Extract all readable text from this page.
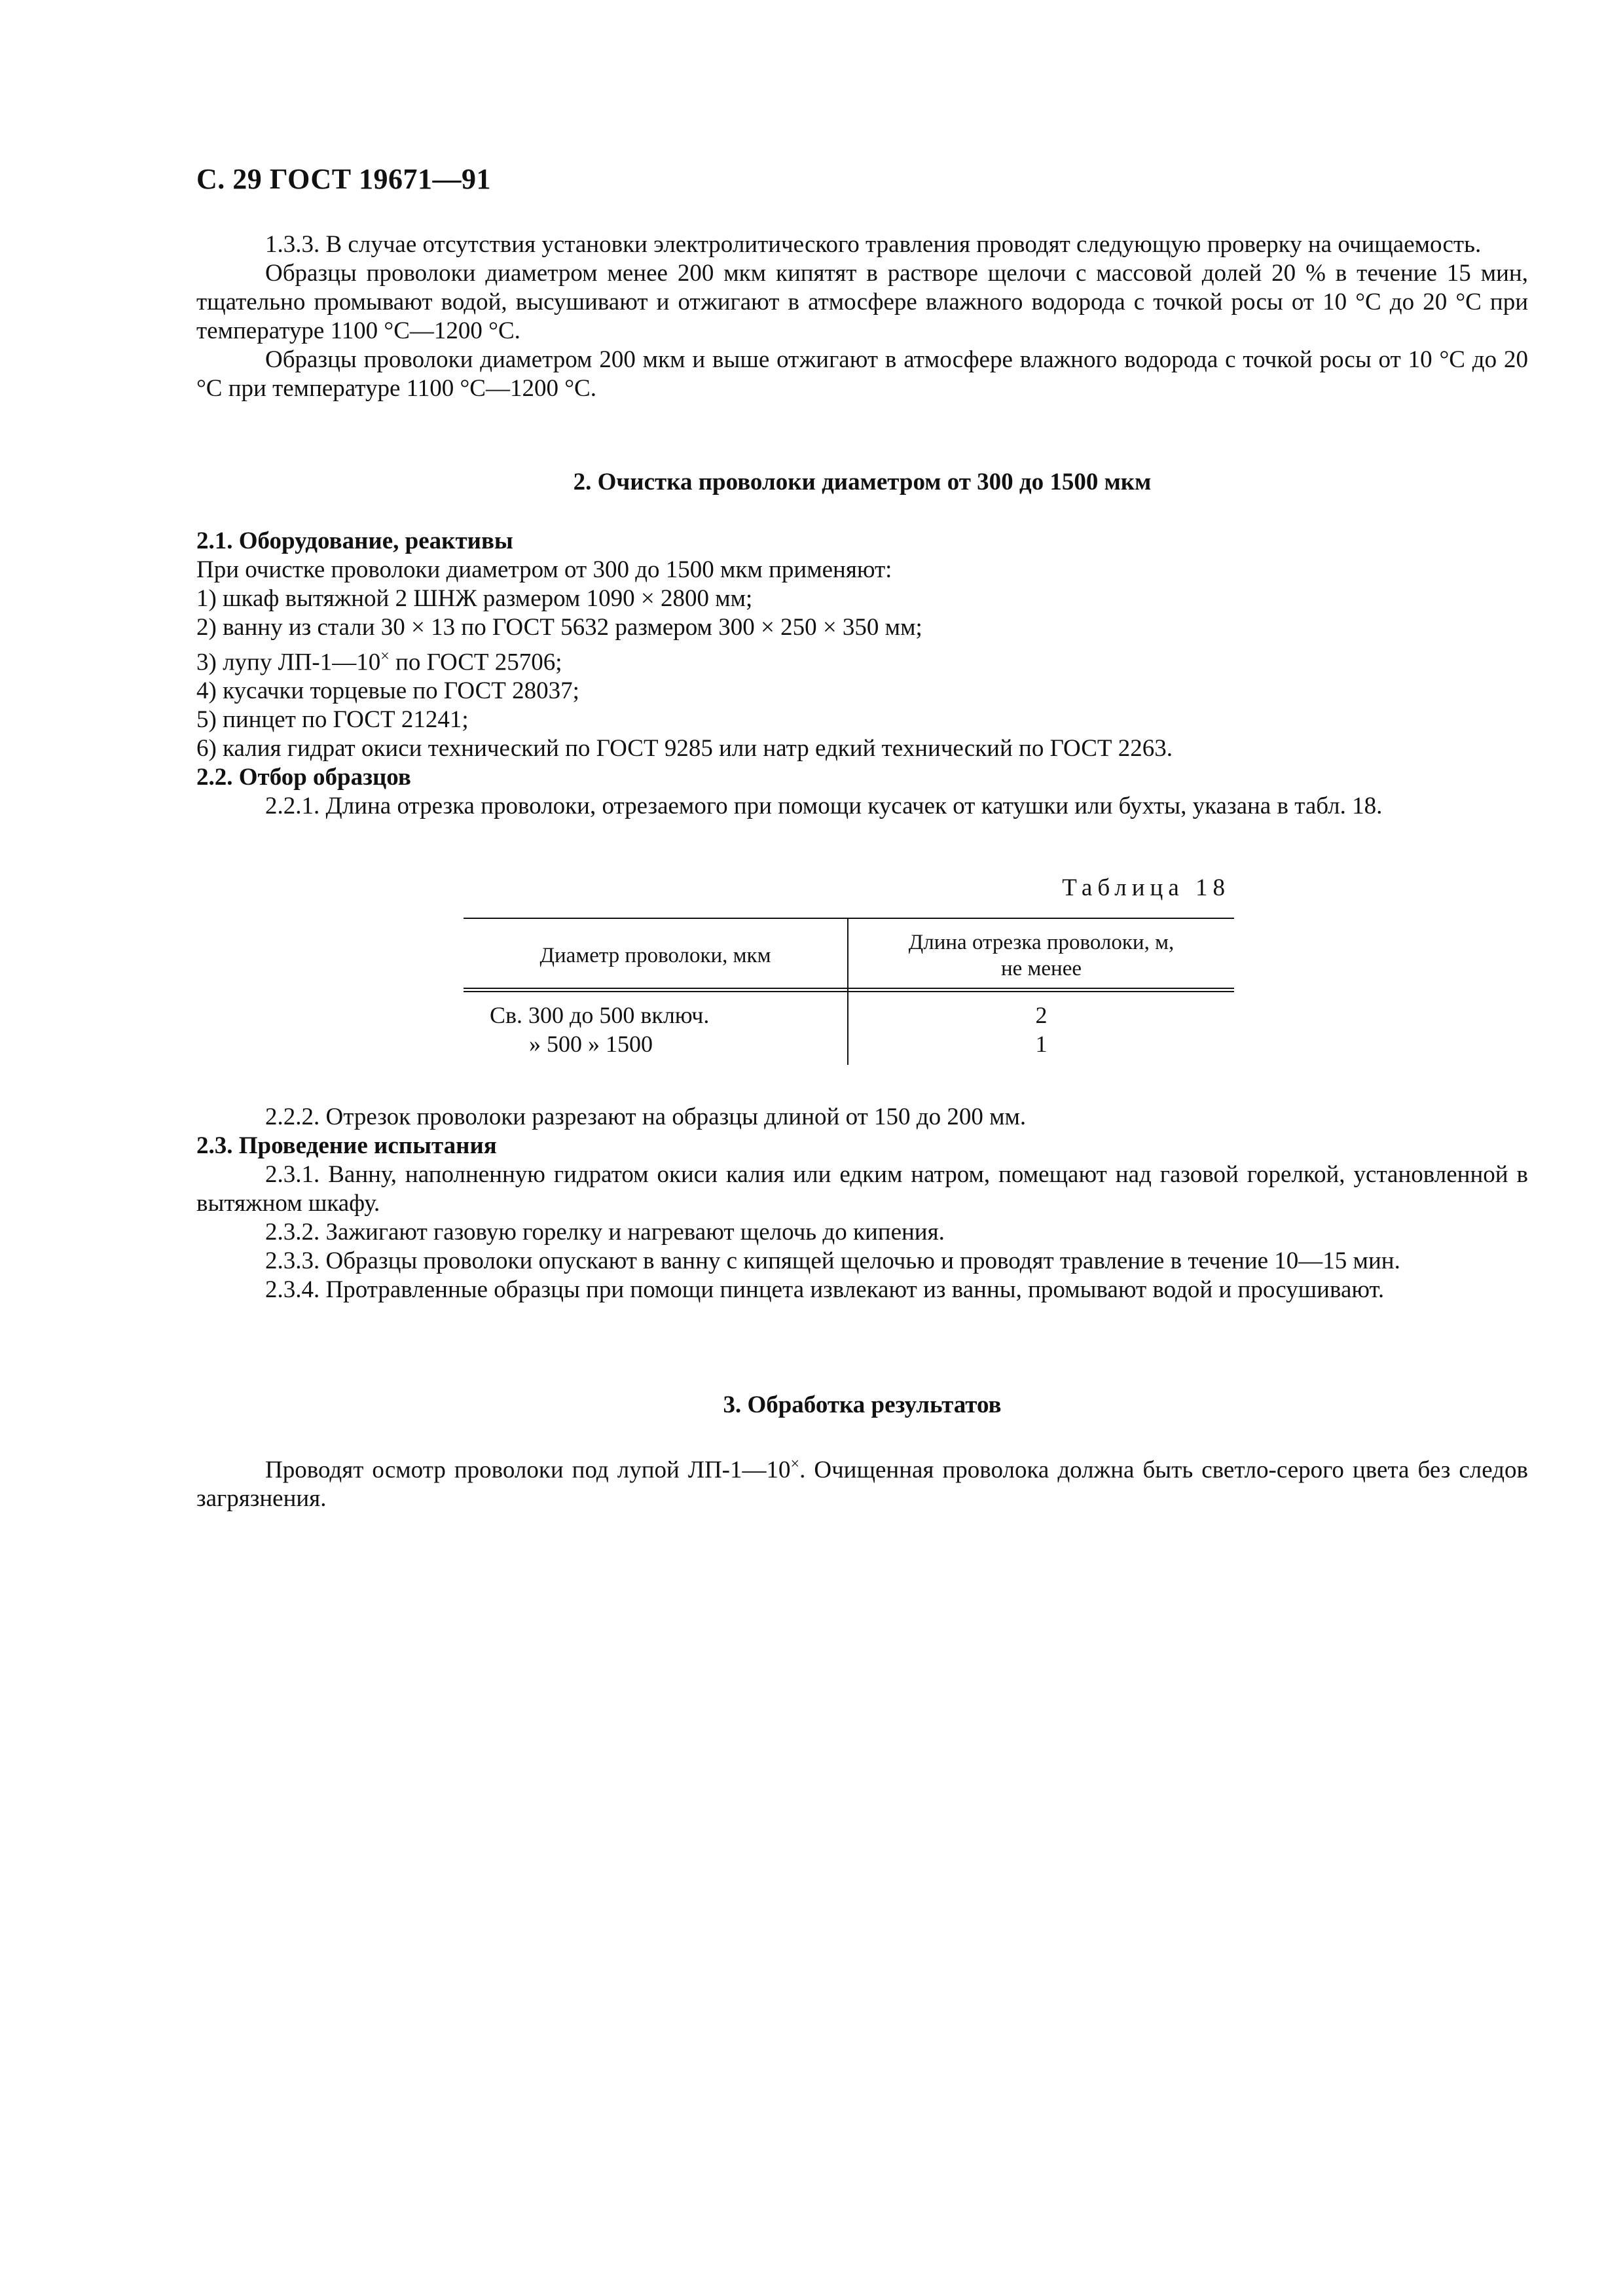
С. 29 ГОСТ 19671—91

1.3.3. В случае отсутствия установки электролитического травления проводят следующую проверку на очищаемость.

Образцы проволоки диаметром менее 200 мкм кипятят в растворе щелочи с массовой долей 20 % в течение 15 мин, тщательно промывают водой, высушивают и отжигают в атмосфере влажного водорода с точкой росы от 10 °С до 20 °С при температуре 1100 °С—1200 °С.

Образцы проволоки диаметром 200 мкм и выше отжигают в атмосфере влажного водорода с точкой росы от 10 °С до 20 °С при температуре 1100 °С—1200 °С.

2. Очистка проволоки диаметром от 300 до 1500 мкм

2.1. Оборудование, реактивы

При очистке проволоки диаметром от 300 до 1500 мкм применяют:

1) шкаф вытяжной 2 ШНЖ размером 1090 × 2800 мм;

2) ванну из стали 30 × 13 по ГОСТ 5632 размером 300 × 250 × 350 мм;

3) лупу ЛП-1—10× по ГОСТ 25706;

4) кусачки торцевые по ГОСТ 28037;

5) пинцет по ГОСТ 21241;

6) калия гидрат окиси технический по ГОСТ 9285 или натр едкий технический по ГОСТ 2263.

2.2. Отбор образцов

2.2.1. Длина отрезка проволоки, отрезаемого при помощи кусачек от катушки или бухты, указана в табл. 18.

Таблица 18
Диаметр проволоки, мкм
Длина отрезка проволоки, м,
не менее
Св. 300 до 500 включ.	2
» 500 » 1500	1

2.2.2. Отрезок проволоки разрезают на образцы длиной от 150 до 200 мм.

2.3. Проведение испытания

2.3.1. Ванну, наполненную гидратом окиси калия или едким натром, помещают над газовой горелкой, установленной в вытяжном шкафу.

2.3.2. Зажигают газовую горелку и нагревают щелочь до кипения.

2.3.3. Образцы проволоки опускают в ванну с кипящей щелочью и проводят травление в течение 10—15 мин.

2.3.4. Протравленные образцы при помощи пинцета извлекают из ванны, промывают водой и просушивают.

3. Обработка результатов

Проводят осмотр проволоки под лупой ЛП-1—10×. Очищенная проволока должна быть светло-серого цвета без следов загрязнения.
